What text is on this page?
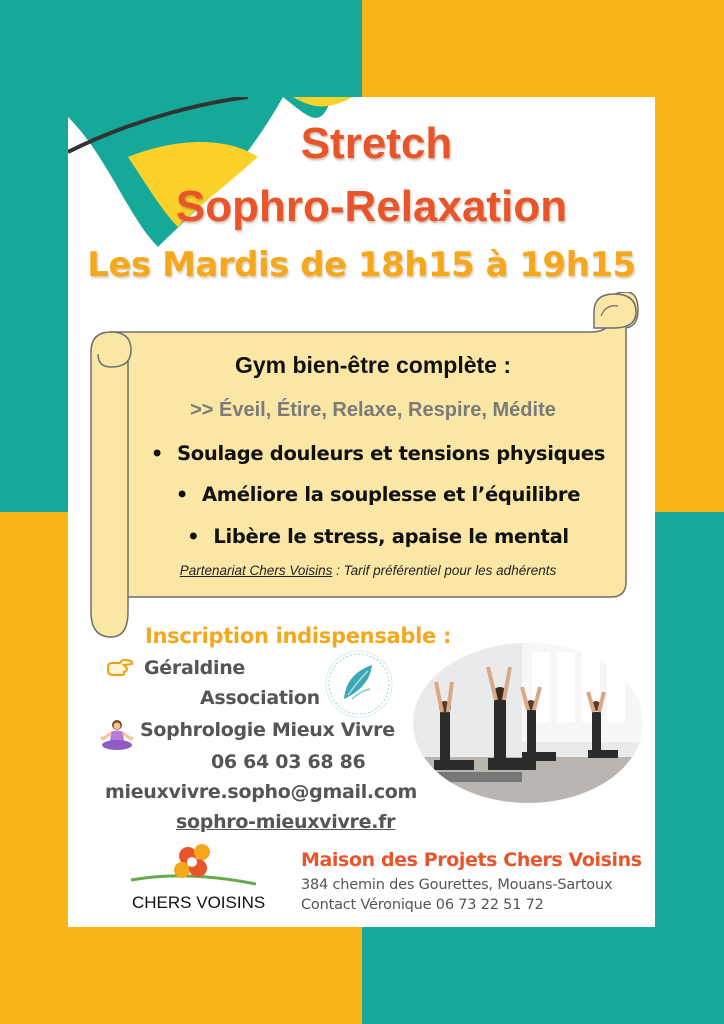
Stretch
Sophro-Relaxation
Les Mardis de 18h15 à 19h15
Gym bien-être complète :
>> Éveil, Étire, Relaxe, Respire, Médite
• Soulage douleurs et tensions physiques
• Améliore la souplesse et l’équilibre
• Libère le stress, apaise le mental
Partenariat Chers Voisins : Tarif préférentiel pour les adhérents
Inscription indispensable :
Géraldine
Association
Sophrologie Mieux Vivre
06 64 03 68 86
mieuxvivre.sopho@gmail.com
sophro-mieuxvivre.fr
CHERS VOISINS
Maison des Projets Chers Voisins
384 chemin des Gourettes, Mouans-Sartoux
Contact Véronique 06 73 22 51 72
